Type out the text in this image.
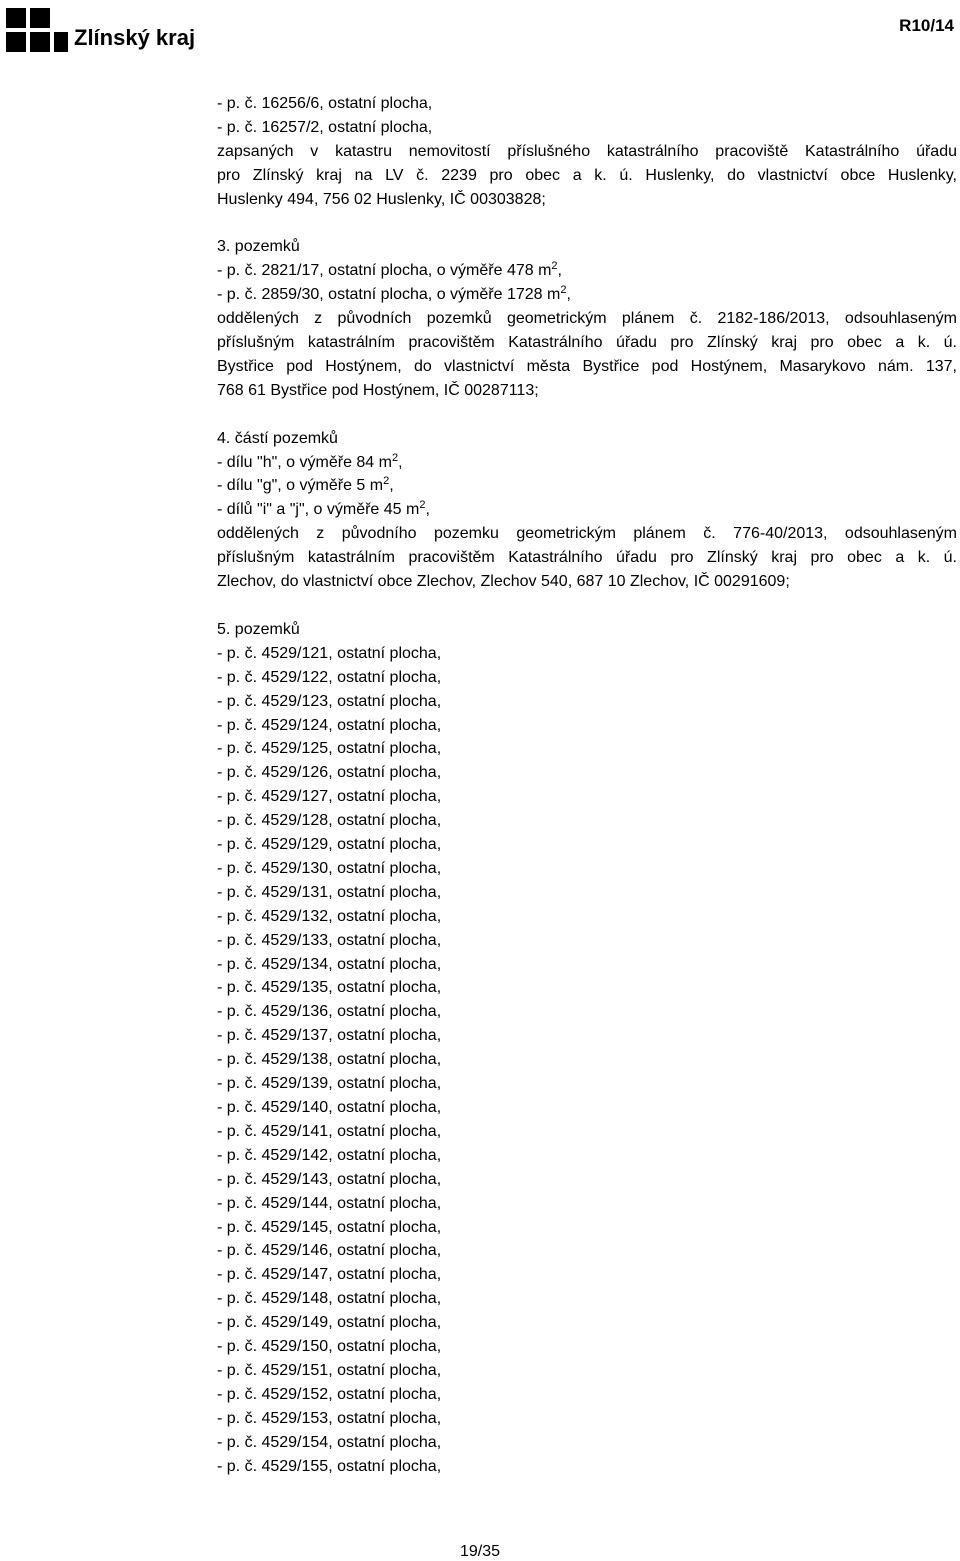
Zlínský kraj	R10/14
- p. č. 16256/6, ostatní plocha,
- p. č. 16257/2, ostatní plocha,
zapsaných v katastru nemovitostí příslušného katastrálního pracoviště Katastrálního úřadu
pro Zlínský kraj na LV č. 2239 pro obec a k. ú. Huslenky, do vlastnictví obce Huslenky,
Huslenky 494, 756 02 Huslenky, IČ 00303828;
3. pozemků
- p. č. 2821/17, ostatní plocha, o výměře 478 $m^2$,
- p. č. 2859/30, ostatní plocha, o výměře 1728 $m^2$,
oddělených z původních pozemků geometrickým plánem č. 2182-186/2013, odsouhlaseným
příslušným katastrálním pracovištěm Katastrálního úřadu pro Zlínský kraj pro obec a k. ú.
Bystřice pod Hostýnem, do vlastnictví města Bystřice pod Hostýnem, Masarykovo nám. 137,
768 61 Bystřice pod Hostýnem, IČ 00287113;
4. částí pozemků
- dílu "h", o výměře 84 $m^2$,
- dílu "g", o výměře 5 $m^2$,
- dílů "i" a "j", o výměře 45 $m^2$,
oddělených z původního pozemku geometrickým plánem č. 776-40/2013, odsouhlaseným
příslušným katastrálním pracovištěm Katastrálního úřadu pro Zlínský kraj pro obec a k. ú.
Zlechov, do vlastnictví obce Zlechov, Zlechov 540, 687 10 Zlechov, IČ 00291609;
5. pozemků
- p. č. 4529/121, ostatní plocha,
- p. č. 4529/122, ostatní plocha,
- p. č. 4529/123, ostatní plocha,
- p. č. 4529/124, ostatní plocha,
- p. č. 4529/125, ostatní plocha,
- p. č. 4529/126, ostatní plocha,
- p. č. 4529/127, ostatní plocha,
- p. č. 4529/128, ostatní plocha,
- p. č. 4529/129, ostatní plocha,
- p. č. 4529/130, ostatní plocha,
- p. č. 4529/131, ostatní plocha,
- p. č. 4529/132, ostatní plocha,
- p. č. 4529/133, ostatní plocha,
- p. č. 4529/134, ostatní plocha,
- p. č. 4529/135, ostatní plocha,
- p. č. 4529/136, ostatní plocha,
- p. č. 4529/137, ostatní plocha,
- p. č. 4529/138, ostatní plocha,
- p. č. 4529/139, ostatní plocha,
- p. č. 4529/140, ostatní plocha,
- p. č. 4529/141, ostatní plocha,
- p. č. 4529/142, ostatní plocha,
- p. č. 4529/143, ostatní plocha,
- p. č. 4529/144, ostatní plocha,
- p. č. 4529/145, ostatní plocha,
- p. č. 4529/146, ostatní plocha,
- p. č. 4529/147, ostatní plocha,
- p. č. 4529/148, ostatní plocha,
- p. č. 4529/149, ostatní plocha,
- p. č. 4529/150, ostatní plocha,
- p. č. 4529/151, ostatní plocha,
- p. č. 4529/152, ostatní plocha,
- p. č. 4529/153, ostatní plocha,
- p. č. 4529/154, ostatní plocha,
- p. č. 4529/155, ostatní plocha,
19/35
